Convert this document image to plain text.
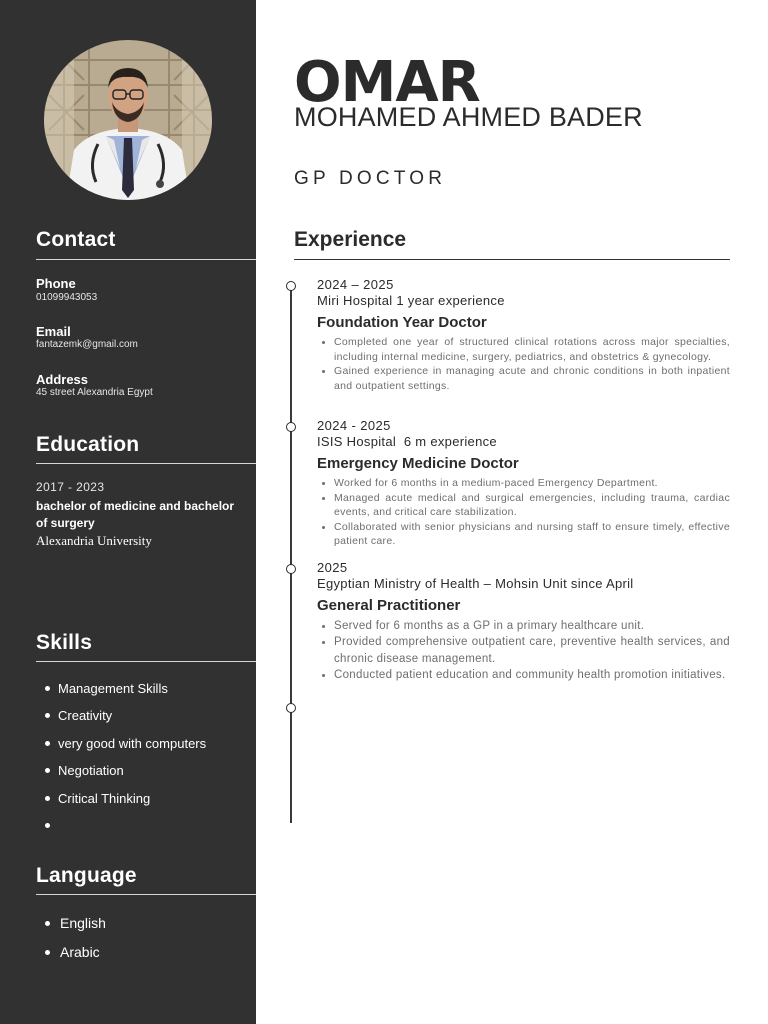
Contact
Phone
01099943053
Email
fantazemk@gmail.com
Address
45 street Alexandria Egypt
Education
2017 - 2023
bachelor of medicine and bachelor of surgery
Alexandria University
Skills
Management Skills
Creativity
very good with computers
Negotiation
Critical Thinking
Language
English
Arabic
OMAR
MOHAMED AHMED BADER
GP DOCTOR
Experience
2024 – 2025
Miri Hospital 1 year experience
Foundation Year Doctor
Completed one year of structured clinical rotations across major specialties, including internal medicine, surgery, pediatrics, and obstetrics & gynecology.
Gained experience in managing acute and chronic conditions in both inpatient and outpatient settings.
2024 - 2025
ISIS Hospital  6 m experience
Emergency Medicine Doctor
Worked for 6 months in a medium-paced Emergency Department.
Managed acute medical and surgical emergencies, including trauma, cardiac events, and critical care stabilization.
Collaborated with senior physicians and nursing staff to ensure timely, effective patient care.
2025
Egyptian Ministry of Health – Mohsin Unit since April
General Practitioner
Served for 6 months as a GP in a primary healthcare unit.
Provided comprehensive outpatient care, preventive health services, and chronic disease management.
Conducted patient education and community health promotion initiatives.
